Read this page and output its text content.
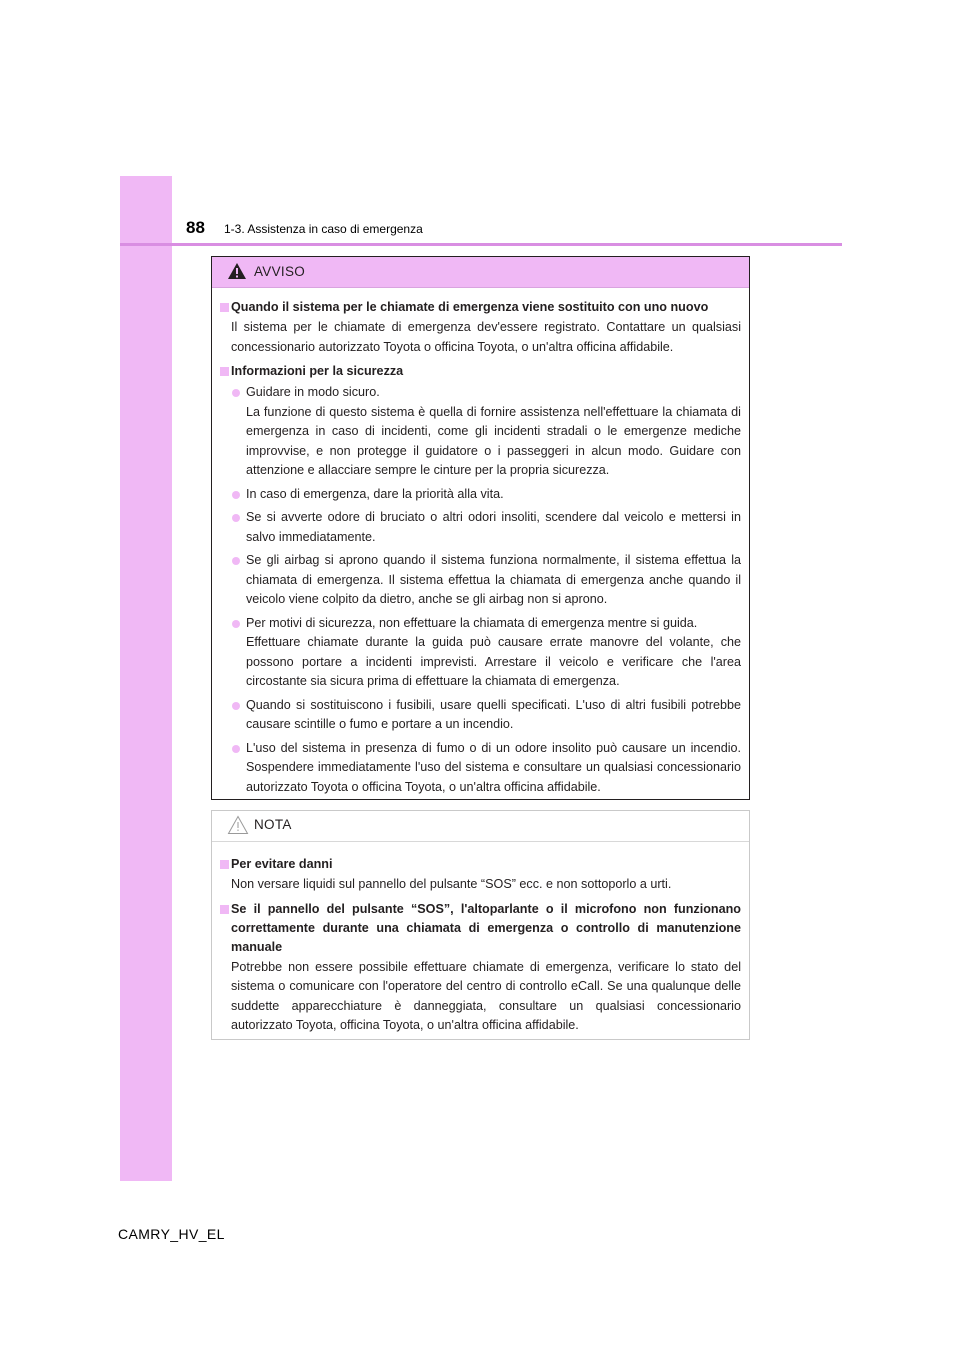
88 1-3. Assistenza in caso di emergenza
AVVISO
Quando il sistema per le chiamate di emergenza viene sostituito con uno nuovo
Il sistema per le chiamate di emergenza dev'essere registrato. Contattare un qualsiasi concessionario autorizzato Toyota o officina Toyota, o un'altra officina affidabile.
Informazioni per la sicurezza
Guidare in modo sicuro.
La funzione di questo sistema è quella di fornire assistenza nell'effettuare la chiamata di emergenza in caso di incidenti, come gli incidenti stradali o le emergenze mediche improvvise, e non protegge il guidatore o i passeggeri in alcun modo. Guidare con attenzione e allacciare sempre le cinture per la propria sicurezza.
In caso di emergenza, dare la priorità alla vita.
Se si avverte odore di bruciato o altri odori insoliti, scendere dal veicolo e mettersi in salvo immediatamente.
Se gli airbag si aprono quando il sistema funziona normalmente, il sistema effettua la chiamata di emergenza. Il sistema effettua la chiamata di emergenza anche quando il veicolo viene colpito da dietro, anche se gli airbag non si aprono.
Per motivi di sicurezza, non effettuare la chiamata di emergenza mentre si guida.
Effettuare chiamate durante la guida può causare errate manovre del volante, che possono portare a incidenti imprevisti. Arrestare il veicolo e verificare che l'area circostante sia sicura prima di effettuare la chiamata di emergenza.
Quando si sostituiscono i fusibili, usare quelli specificati. L'uso di altri fusibili potrebbe causare scintille o fumo e portare a un incendio.
L'uso del sistema in presenza di fumo o di un odore insolito può causare un incendio. Sospendere immediatamente l'uso del sistema e consultare un qualsiasi concessionario autorizzato Toyota o officina Toyota, o un'altra officina affidabile.
NOTA
Per evitare danni
Non versare liquidi sul pannello del pulsante “SOS” ecc. e non sottoporlo a urti.
Se il pannello del pulsante “SOS”, l'altoparlante o il microfono non funzionano correttamente durante una chiamata di emergenza o controllo di manutenzione manuale
Potrebbe non essere possibile effettuare chiamate di emergenza, verificare lo stato del sistema o comunicare con l'operatore del centro di controllo eCall. Se una qualunque delle suddette apparecchiature è danneggiata, consultare un qualsiasi concessionario autorizzato Toyota, officina Toyota, o un'altra officina affidabile.
CAMRY_HV_EL
